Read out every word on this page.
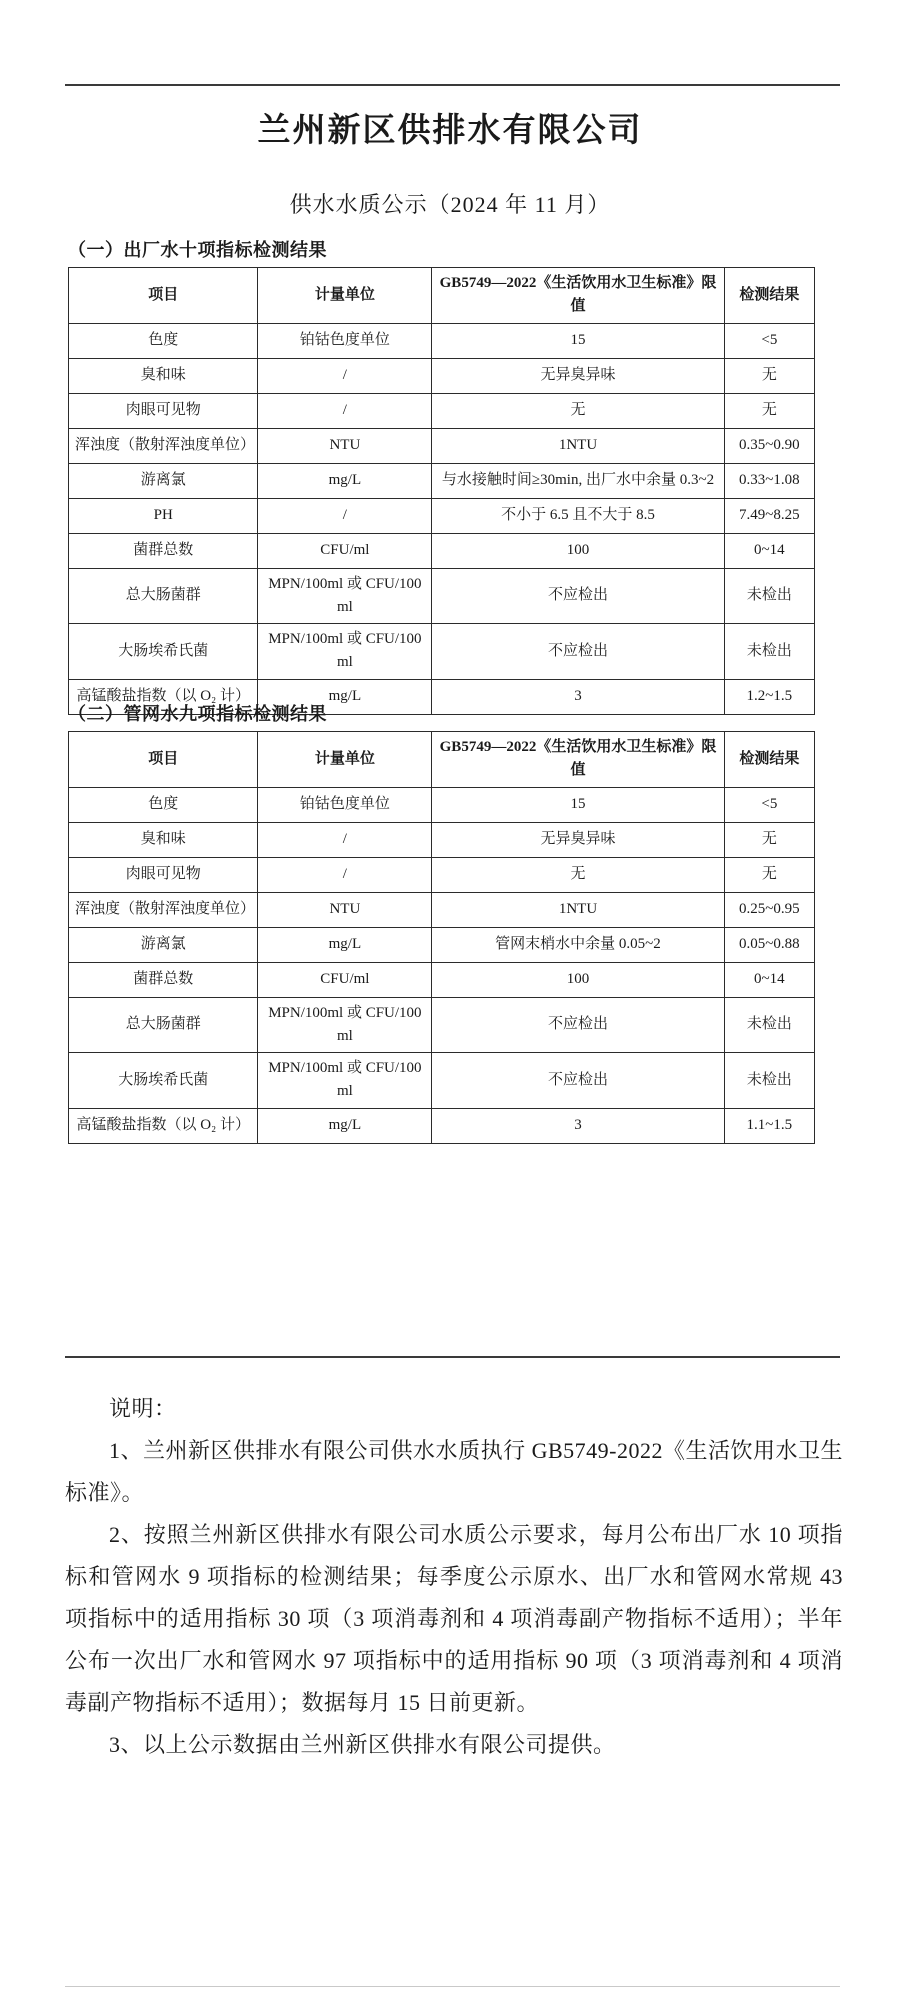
兰州新区供排水有限公司
供水水质公示（2024 年 11 月）
（一）出厂水十项指标检测结果
项目	计量单位	GB5749—2022《生活饮用水卫生标准》限值	检测结果
色度	铂钴色度单位	15	<5
臭和味	/	无异臭异味	无
肉眼可见物	/	无	无
浑浊度（散射浑浊度单位）	NTU	1NTU	0.35~0.90
游离氯	mg/L	与水接触时间≥30min, 出厂水中余量 0.3~2	0.33~1.08
PH	/	不小于 6.5 且不大于 8.5	7.49~8.25
菌群总数	CFU/ml	100	0~14
总大肠菌群	MPN/100ml 或 CFU/100ml	不应检出	未检出
大肠埃希氏菌	MPN/100ml 或 CFU/100ml	不应检出	未检出
高锰酸盐指数（以 O₂ 计）	mg/L	3	1.2~1.5
（二）管网水九项指标检测结果
项目	计量单位	GB5749—2022《生活饮用水卫生标准》限值	检测结果
色度	铂钴色度单位	15	<5
臭和味	/	无异臭异味	无
肉眼可见物	/	无	无
浑浊度（散射浑浊度单位）	NTU	1NTU	0.25~0.95
游离氯	mg/L	管网末梢水中余量 0.05~2	0.05~0.88
菌群总数	CFU/ml	100	0~14
总大肠菌群	MPN/100ml 或 CFU/100ml	不应检出	未检出
大肠埃希氏菌	MPN/100ml 或 CFU/100ml	不应检出	未检出
高锰酸盐指数（以 O₂ 计）	mg/L	3	1.1~1.5

说明：

1、兰州新区供排水有限公司供水水质执行 GB5749-2022《生活饮用水卫生标准》。

2、按照兰州新区供排水有限公司水质公示要求，每月公布出厂水 10 项指标和管网水 9 项指标的检测结果；每季度公示原水、出厂水和管网水常规 43 项指标中的适用指标 30 项（3 项消毒剂和 4 项消毒副产物指标不适用）；半年公布一次出厂水和管网水 97 项指标中的适用指标 90 项（3 项消毒剂和 4 项消毒副产物指标不适用）；数据每月 15 日前更新。

3、以上公示数据由兰州新区供排水有限公司提供。
